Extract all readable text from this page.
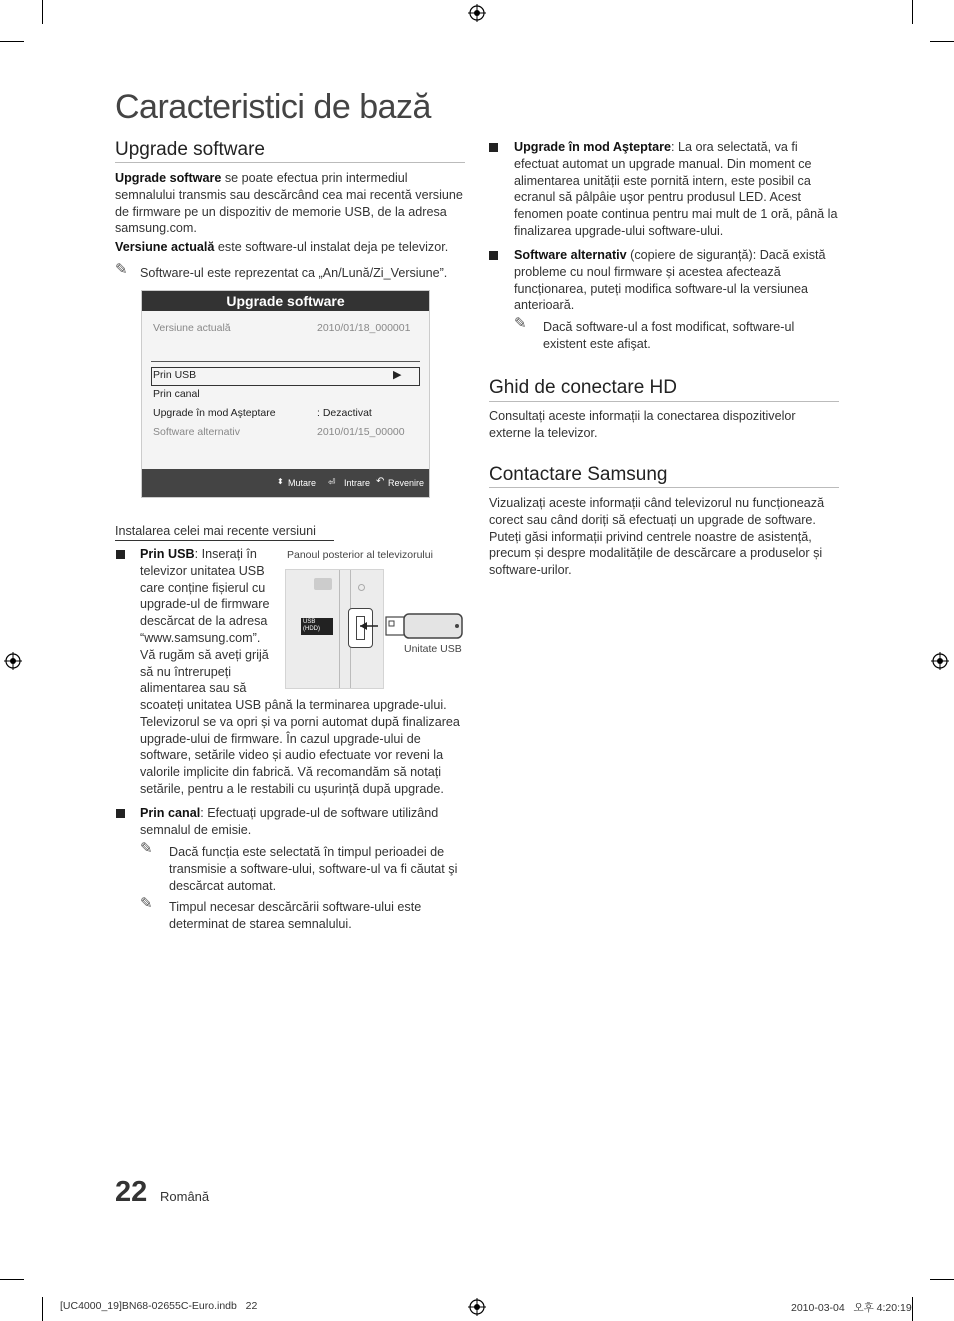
Caracteristici de bază
Upgrade software

Upgrade software se poate efectua prin intermediul semnalului transmis sau descărcând cea mai recentă versiune de firmware pe un dispozitiv de memorie USB, de la adresa samsung.com.

Versiune actuală este software-ul instalat deja pe televizor.

✎ Software-ul este reprezentat ca „An/Lună/Zi_Versiune”.

Upgrade software
Versiune actuală	2010/01/18_000001
Prin USB	▶
Prin canal
Upgrade în mod Aşteptare	: Dezactivat
Software alternativ	2010/01/15_00000
⬍ Mutare ⏎ Intrare ↶ Revenire
Instalarea celei mai recente versiuni

Prin USB: Inserați în televizor unitatea USB care conține fișierul cu upgrade-ul de firmware descărcat de la adresa “www.samsung.com”. Vă rugăm să aveți grijă să nu întrerupeți alimentarea sau să

scoateți unitatea USB până la terminarea upgrade-ului. Televizorul se va opri și va porni automat după finalizarea upgrade-ului de firmware. În cazul upgrade-ului de software, setările video și audio efectuate vor reveni la valorile implicite din fabrică. Vă recomandăm să notați setările, pentru a le restabili cu ușurință după upgrade.

Panoul posterior al televizorului
USB
(HDD)
Unitate USB

Prin canal: Efectuați upgrade-ul de software utilizând semnalul de emisie.

✎ Dacă funcția este selectată în timpul perioadei de transmisie a software-ului, software-ul va fi căutat şi descărcat automat.

✎ Timpul necesar descărcării software-ului este determinat de starea semnalului.

Upgrade în mod Aşteptare: La ora selectată, va fi efectuat automat un upgrade manual. Din moment ce alimentarea unității este pornită intern, este posibil ca ecranul să pâlpâie uşor pentru produsul LED. Acest fenomen poate continua pentru mai mult de 1 oră, până la finalizarea upgrade-ului software-ului.

Software alternativ (copiere de siguranță): Dacă există probleme cu noul firmware și acestea afectează funcționarea, puteți modifica software-ul la versiunea anterioară.

✎ Dacă software-ul a fost modificat, software-ul existent este afişat.

Ghid de conectare HD

Consultați aceste informații la conectarea dispozitivelor externe la televizor.

Contactare Samsung

Vizualizați aceste informații când televizorul nu funcționează corect sau când doriți să efectuați un upgrade de software. Puteți găsi informații privind centrele noastre de asistență, precum și despre modalitățile de descărcare a produselor și software-urilor.

22 Română
[UC4000_19]BN68-02655C-Euro.indb   22	2010-03-04   오후 4:20:19
